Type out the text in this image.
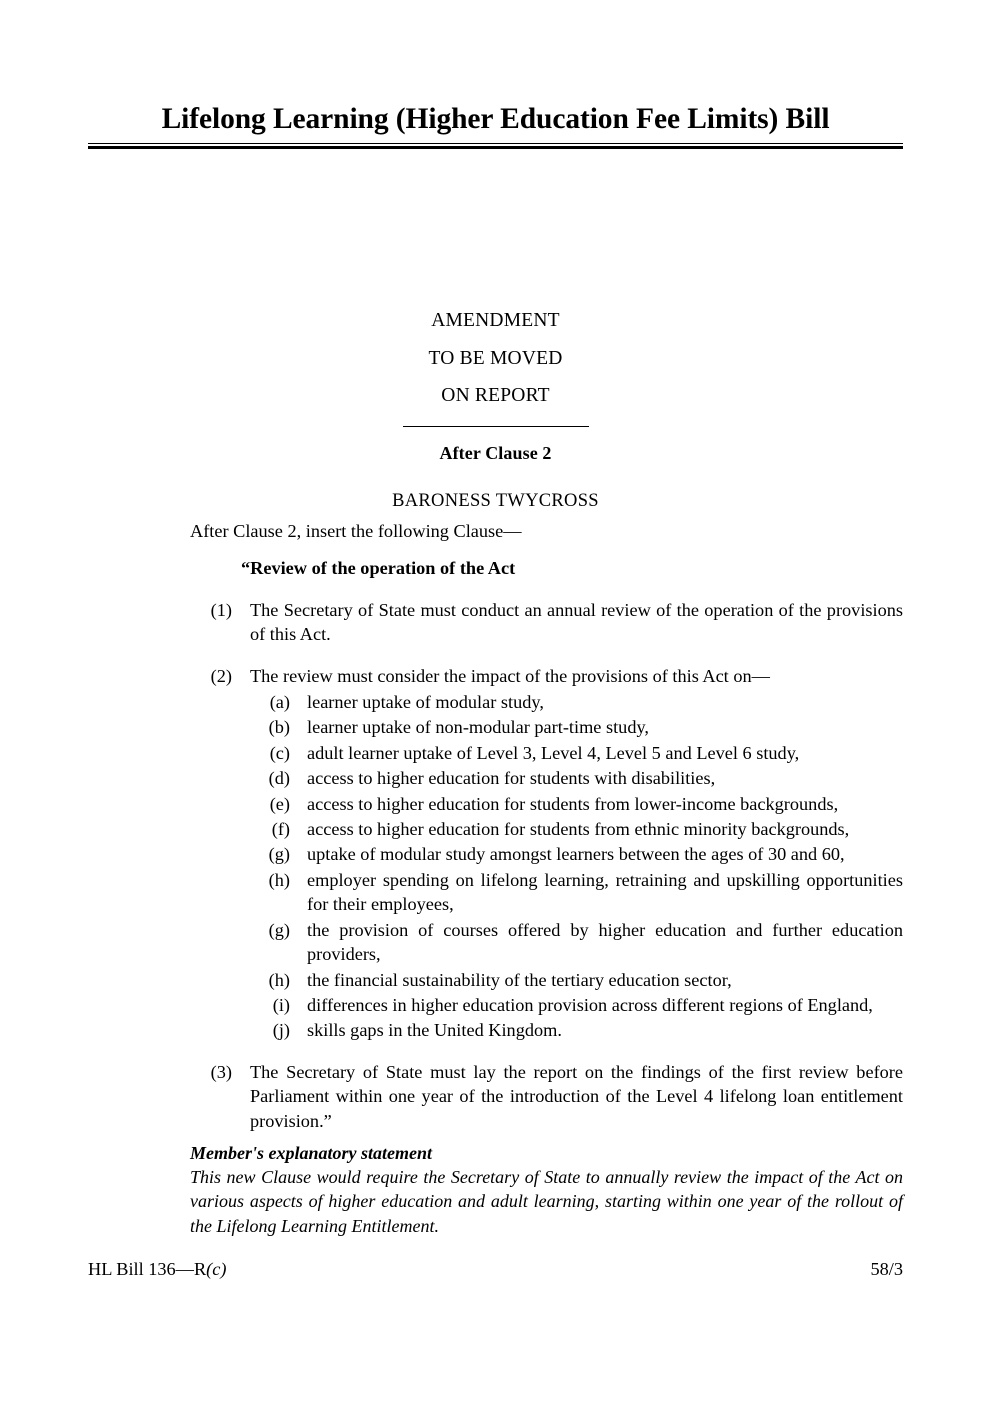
Lifelong Learning (Higher Education Fee Limits) Bill
AMENDMENT
TO BE MOVED
ON REPORT
After Clause 2
BARONESS TWYCROSS

After Clause 2, insert the following Clause—

“Review of the operation of the Act

(1) The Secretary of State must conduct an annual review of the operation of the provisions of this Act.
(2) The review must consider the impact of the provisions of this Act on—
(a) learner uptake of modular study,
(b) learner uptake of non-modular part-time study,
(c) adult learner uptake of Level 3, Level 4, Level 5 and Level 6 study,
(d) access to higher education for students with disabilities,
(e) access to higher education for students from lower-income backgrounds,
(f) access to higher education for students from ethnic minority backgrounds,
(g) uptake of modular study amongst learners between the ages of 30 and 60,
(h) employer spending on lifelong learning, retraining and upskilling opportunities for their employees,
(g) the provision of courses offered by higher education and further education providers,
(h) the financial sustainability of the tertiary education sector,
(i) differences in higher education provision across different regions of England,
(j) skills gaps in the United Kingdom.
(3) The Secretary of State must lay the report on the findings of the first review before Parliament within one year of the introduction of the Level 4 lifelong loan entitlement provision.”

Member's explanatory statement

This new Clause would require the Secretary of State to annually review the impact of the Act on various aspects of higher education and adult learning, starting within one year of the rollout of the Lifelong Learning Entitlement.

HL Bill 136—R(c)	58/3
